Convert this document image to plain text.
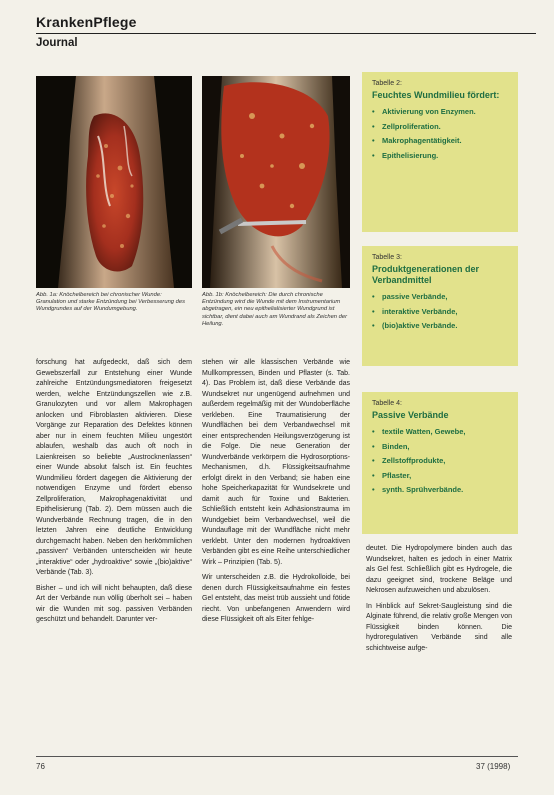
KrankenPflege
Journal
Abb. 1a: Knöchelbereich bei chronischer Wunde: Granulation und starke Entzündung bei Verbesserung des Wundgrundes auf der Wundumgebung.
Abb. 1b: Knöchelbereich: Die durch chronische Entzündung wird die Wunde mit dem Instrumentarium abgetragen, ein neu epithelialisierter Wundgrund ist sichtbar, dient dabei auch am Wundrand als Zeichen der Heilung.

forschung hat aufgedeckt, daß sich dem Gewebszerfall zur Entstehung einer Wunde zahlreiche Entzündungsmediatoren freigesetzt werden, welche Entzündungszellen wie z.B. Granulozyten und vor allem Makrophagen anlocken und Fibroblasten aktivieren. Diese Vorgänge zur Reparation des Defektes können aber nur in einem feuchten Milieu ungestört ablaufen, weshalb das auch oft noch in Laienkreisen so beliebte „Austrocknenlassen“ einer Wunde absolut falsch ist. Ein feuchtes Wundmilieu fördert dagegen die Aktivierung der notwendigen Enzyme und fördert ebenso Zellproliferation, Makrophagenaktivität und Epithelisierung (Tab. 2). Dem müssen auch die Wundverbände Rechnung tragen, die in den letzten Jahren eine deutliche Entwicklung durchgemacht haben. Neben den herkömmlichen „passiven“ Verbänden unterscheiden wir heute „interaktive“ oder „hydroaktive“ sowie „(bio)aktive“ Verbände (Tab. 3).

Bisher – und ich will nicht behaupten, daß diese Art der Verbände nun völlig überholt sei – haben wir die Wunden mit sog. passiven Verbänden geschützt und behandelt. Darunter ver-

stehen wir alle klassischen Verbände wie Mullkompressen, Binden und Pflaster (s. Tab. 4). Das Problem ist, daß diese Verbände das Wundsekret nur ungenügend aufnehmen und außerdem regelmäßig mit der Wundoberfläche verkleben. Eine Traumatisierung der Wundflächen bei dem Verbandwechsel mit einer entsprechenden Heilungsverzögerung ist die Folge. Die neue Generation der Wundverbände verkörpern die Hydrosorptions-Mechanismen, d.h. Flüssigkeitsaufnahme erfolgt direkt in den Verband; sie haben eine hohe Speicherkapazität für Wundsekrete und damit auch für Toxine und Bakterien. Schließlich entsteht kein Adhäsionstrauma im Wundgebiet beim Verbandwechsel, weil die Wundauflage mit der Wundfläche nicht mehr verklebt. Unter den modernen hydroaktiven Verbänden gibt es eine Reihe unterschiedlicher Wirk – Prinzipien (Tab. 5).

Wir unterscheiden z.B. die Hydrokolloide, bei denen durch Flüssigkeitsaufnahme ein festes Gel entsteht, das meist trüb aussieht und fötide riecht. Von unbefangenen Anwendern wird diese Flüssigkeit oft als Eiter fehlge-

deutet. Die Hydropolymere binden auch das Wundsekret, halten es jedoch in einer Matrix als Gel fest. Schließlich gibt es Hydrogele, die dazu geeignet sind, trockene Beläge und Nekrosen aufzuweichen und abzulösen.

In Hinblick auf Sekret-Saugleistung sind die Alginate führend, die relativ große Mengen von Flüssigkeit binden können. Die hydroregulativen Verbände sind alle schichtweise aufge-

Tabelle 2:
Feuchtes Wundmilieu fördert:
• Aktivierung von Enzymen.
• Zellproliferation.
• Makrophagentätigkeit.
• Epithelisierung.
Tabelle 3:
Produktgenerationen der Verbandmittel
• passive Verbände,
• interaktive Verbände,
• (bio)aktive Verbände.
Tabelle 4:
Passive Verbände
• textile Watten, Gewebe,
• Binden,
• Zellstoffprodukte,
• Pflaster,
• synth. Sprühverbände.
76	37 (1998)
